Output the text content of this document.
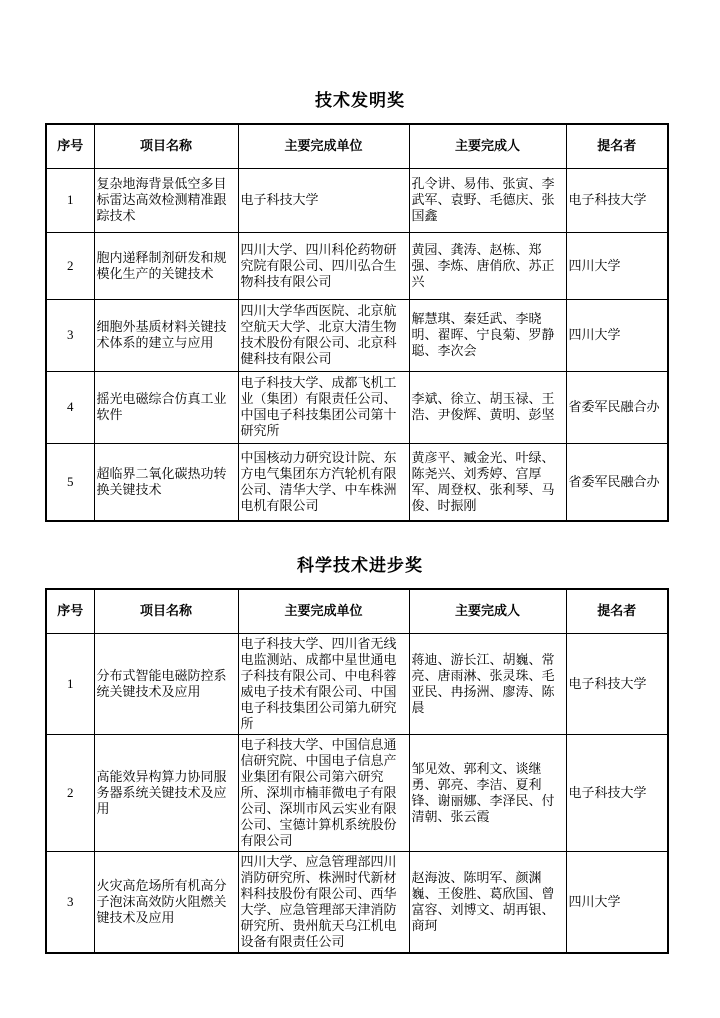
技术发明奖
序号	项目名称	主要完成单位	主要完成人	提名者
1	复杂地海背景低空多目标雷达高效检测精准跟踪技术	电子科技大学	孔令讲、易伟、张寅、李武军、袁野、毛德庆、张国鑫	电子科技大学
2	胞内递释制剂研发和规模化生产的关键技术	四川大学、四川科伦药物研究院有限公司、四川弘合生物科技有限公司	黄园、龚涛、赵栋、郑强、李炼、唐俏欣、苏正兴	四川大学
3	细胞外基质材料关键技术体系的建立与应用	四川大学华西医院、北京航空航天大学、北京大清生物技术股份有限公司、北京科健科技有限公司	解慧琪、秦廷武、李晓明、翟晖、宁良菊、罗静聪、李次会	四川大学
4	摇光电磁综合仿真工业软件	电子科技大学、成都飞机工业（集团）有限责任公司、中国电子科技集团公司第十研究所	李斌、徐立、胡玉禄、王浩、尹俊辉、黄明、彭坚	省委军民融合办
5	超临界二氧化碳热功转换关键技术	中国核动力研究设计院、东方电气集团东方汽轮机有限公司、清华大学、中车株洲电机有限公司	黄彦平、臧金光、叶绿、陈尧兴、刘秀婷、宫厚军、周登权、张利琴、马俊、时振刚	省委军民融合办
科学技术进步奖
序号	项目名称	主要完成单位	主要完成人	提名者
1	分布式智能电磁防控系统关键技术及应用	电子科技大学、四川省无线电监测站、成都中星世通电子科技有限公司、中电科蓉威电子技术有限公司、中国电子科技集团公司第九研究所	蒋迪、游长江、胡巍、常亮、唐雨淋、张灵珠、毛亚民、冉扬洲、廖涛、陈晨	电子科技大学
2	高能效异构算力协同服务器系统关键技术及应用	电子科技大学、中国信息通信研究院、中国电子信息产业集团有限公司第六研究所、深圳市楠菲微电子有限公司、深圳市风云实业有限公司、宝德计算机系统股份有限公司	邹见效、郭利文、谈继勇、郭亮、李洁、夏利锋、谢丽娜、李泽民、付清朝、张云霞	电子科技大学
3	火灾高危场所有机高分子泡沫高效防火阻燃关键技术及应用	四川大学、应急管理部四川消防研究所、株洲时代新材料科技股份有限公司、西华大学、应急管理部天津消防研究所、贵州航天乌江机电设备有限责任公司	赵海波、陈明军、颜渊巍、王俊胜、葛欣国、曾富容、刘博文、胡再银、商珂	四川大学
